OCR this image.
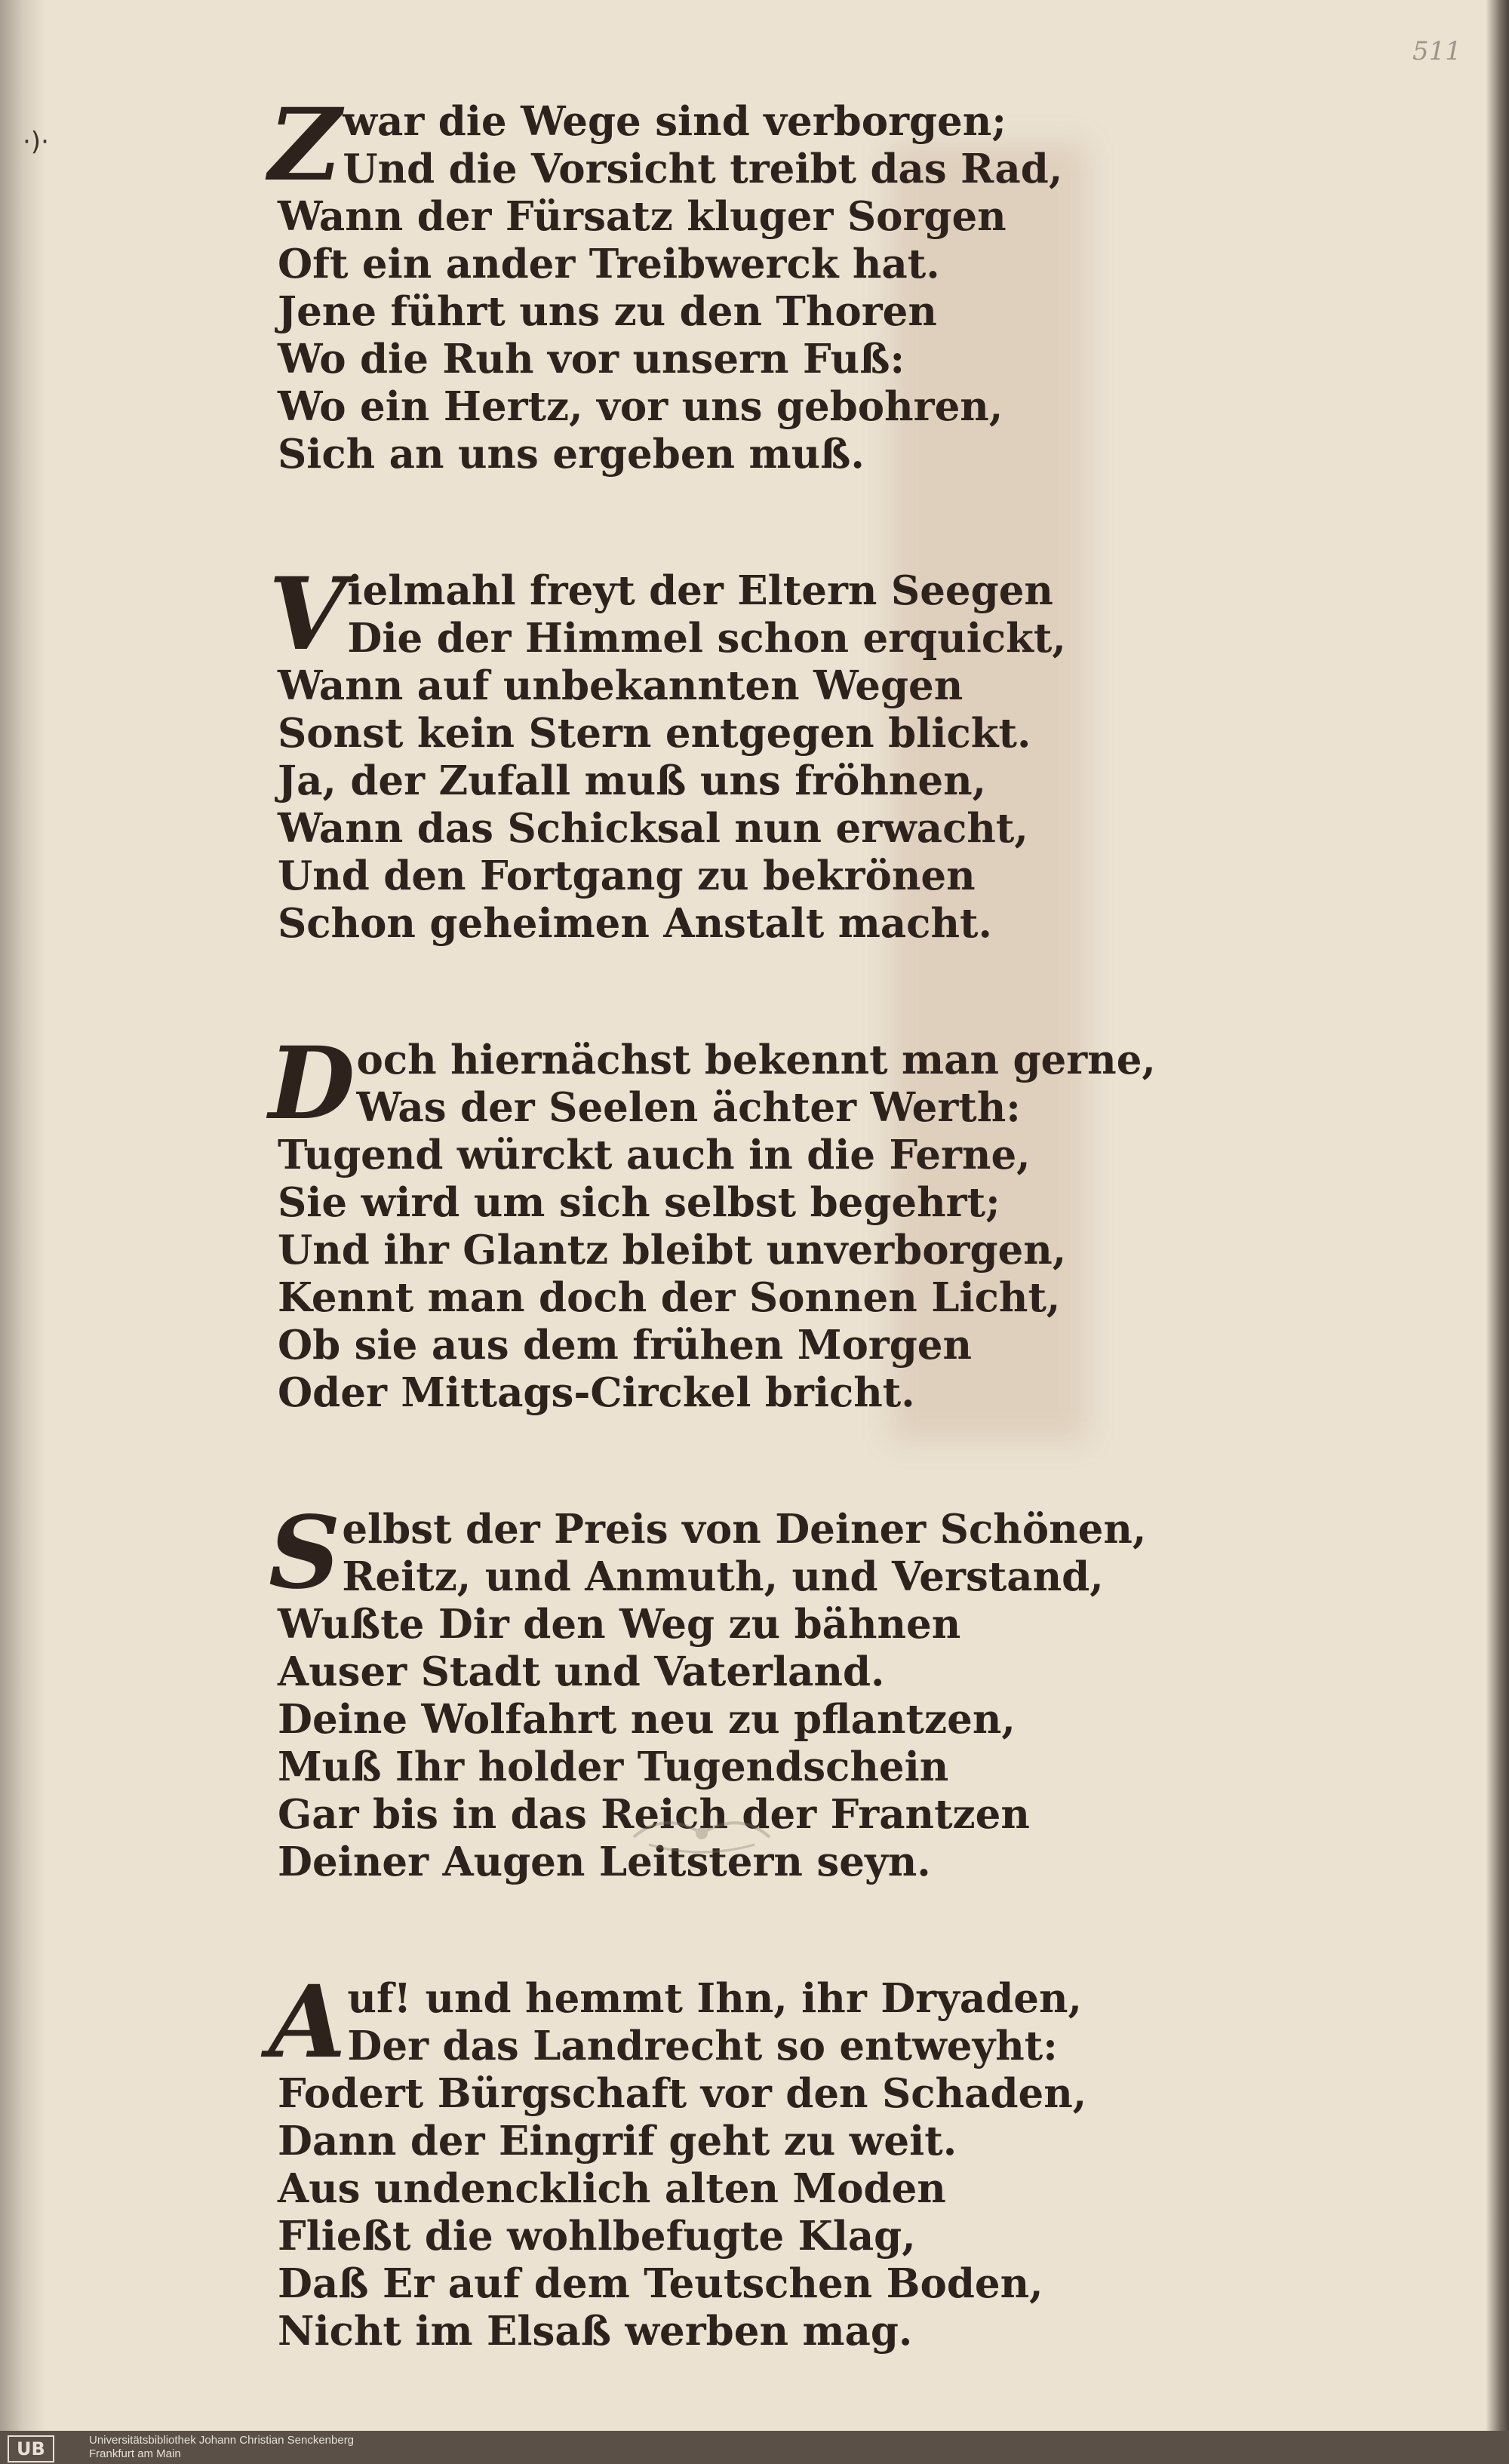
511
·)· Z war die Wege sind verborgen;
Und die Vorsicht treibt das Rad,
Wann der Fürsatz kluger Sorgen
Oft ein ander Treibwerck hat.
Jene führt uns zu den Thoren
Wo die Ruh vor unsern Fuß:
Wo ein Hertz, vor uns gebohren,
Sich an uns ergeben muß.
V ielmahl freyt der Eltern Seegen
Die der Himmel schon erquickt,
Wann auf unbekannten Wegen
Sonst kein Stern entgegen blickt.
Ja, der Zufall muß uns fröhnen,
Wann das Schicksal nun erwacht,
Und den Fortgang zu bekrönen
Schon geheimen Anstalt macht.
D och hiernächst bekennt man gerne,
Was der Seelen ächter Werth:
Tugend würckt auch in die Ferne,
Sie wird um sich selbst begehrt;
Und ihr Glantz bleibt unverborgen,
Kennt man doch der Sonnen Licht,
Ob sie aus dem frühen Morgen
Oder Mittags-Circkel bricht.
S elbst der Preis von Deiner Schönen,
Reitz, und Anmuth, und Verstand,
Wußte Dir den Weg zu bähnen
Auser Stadt und Vaterland.
Deine Wolfahrt neu zu pflantzen,
Muß Ihr holder Tugendschein
Gar bis in das Reich der Frantzen
Deiner Augen Leitstern seyn.
A uf! und hemmt Ihn, ihr Dryaden,
Der das Landrecht so entweyht:
Fodert Bürgschaft vor den Schaden,
Dann der Eingrif geht zu weit.
Aus undencklich alten Moden
Fließt die wohlbefugte Klag,
Daß Er auf dem Teutschen Boden,
Nicht im Elsaß werben mag.
UB	Universitätsbibliothek Johann Christian Senckenberg
Frankfurt am Main
